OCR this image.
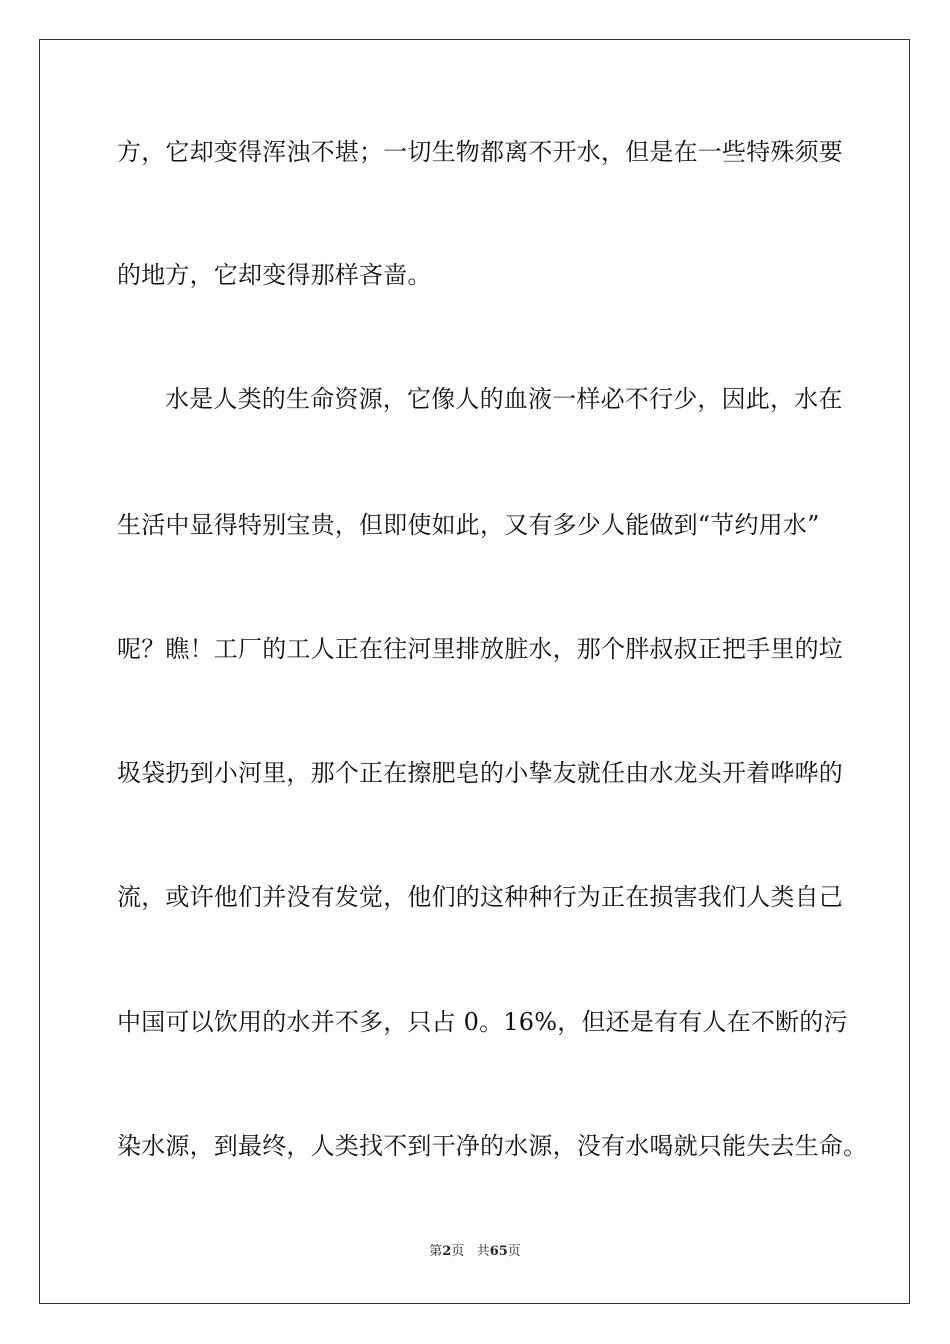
方，它却变得浑浊不堪；一切生物都离不开水，但是在一些特殊须要
的地方，它却变得那样吝啬。
水是人类的生命资源，它像人的血液一样必不行少，因此，水在
生活中显得特别宝贵，但即使如此，又有多少人能做到“节约用水”
呢？瞧！工厂的工人正在往河里排放脏水，那个胖叔叔正把手里的垃
圾袋扔到小河里，那个正在擦肥皂的小挚友就任由水龙头开着哗哗的
流，或许他们并没有发觉，他们的这种种行为正在损害我们人类自己
中国可以饮用的水并不多，只占 0。16%，但还是有有人在不断的污
染水源，到最终，人类找不到干净的水源，没有水喝就只能失去生命。
第2页 共65页
